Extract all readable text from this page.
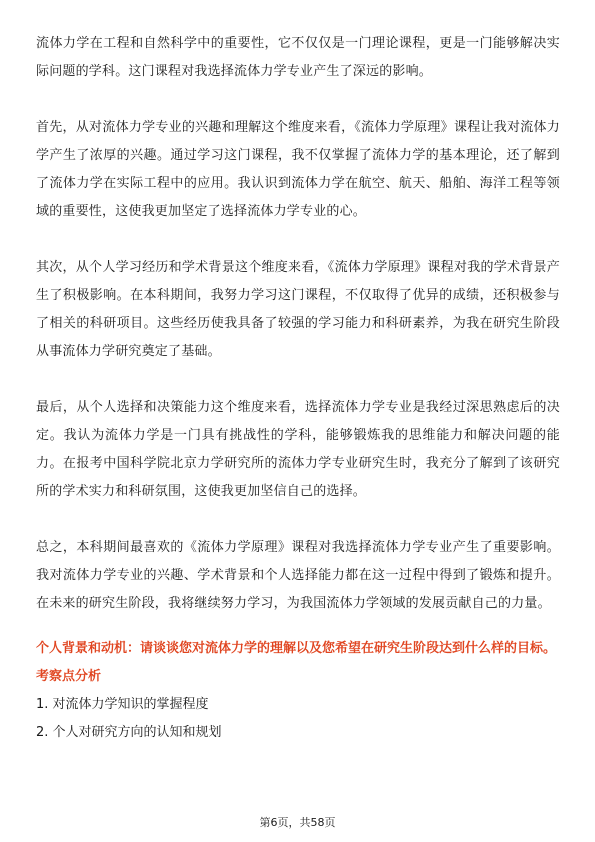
流体力学在工程和自然科学中的重要性，它不仅仅是一门理论课程，更是一门能够解决实际问题的学科。这门课程对我选择流体力学专业产生了深远的影响。

首先，从对流体力学专业的兴趣和理解这个维度来看，《流体力学原理》课程让我对流体力学产生了浓厚的兴趣。通过学习这门课程，我不仅掌握了流体力学的基本理论，还了解到了流体力学在实际工程中的应用。我认识到流体力学在航空、航天、船舶、海洋工程等领域的重要性，这使我更加坚定了选择流体力学专业的心。

其次，从个人学习经历和学术背景这个维度来看，《流体力学原理》课程对我的学术背景产生了积极影响。在本科期间，我努力学习这门课程，不仅取得了优异的成绩，还积极参与了相关的科研项目。这些经历使我具备了较强的学习能力和科研素养，为我在研究生阶段从事流体力学研究奠定了基础。

最后，从个人选择和决策能力这个维度来看，选择流体力学专业是我经过深思熟虑后的决定。我认为流体力学是一门具有挑战性的学科，能够锻炼我的思维能力和解决问题的能力。在报考中国科学院北京力学研究所的流体力学专业研究生时，我充分了解到了该研究所的学术实力和科研氛围，这使我更加坚信自己的选择。

总之，本科期间最喜欢的《流体力学原理》课程对我选择流体力学专业产生了重要影响。我对流体力学专业的兴趣、学术背景和个人选择能力都在这一过程中得到了锻炼和提升。在未来的研究生阶段，我将继续努力学习，为我国流体力学领域的发展贡献自己的力量。

个人背景和动机：请谈谈您对流体力学的理解以及您希望在研究生阶段达到什么样的目标。
考察点分析
1. 对流体力学知识的掌握程度
2. 个人对研究方向的认知和规划
第6页，共58页
